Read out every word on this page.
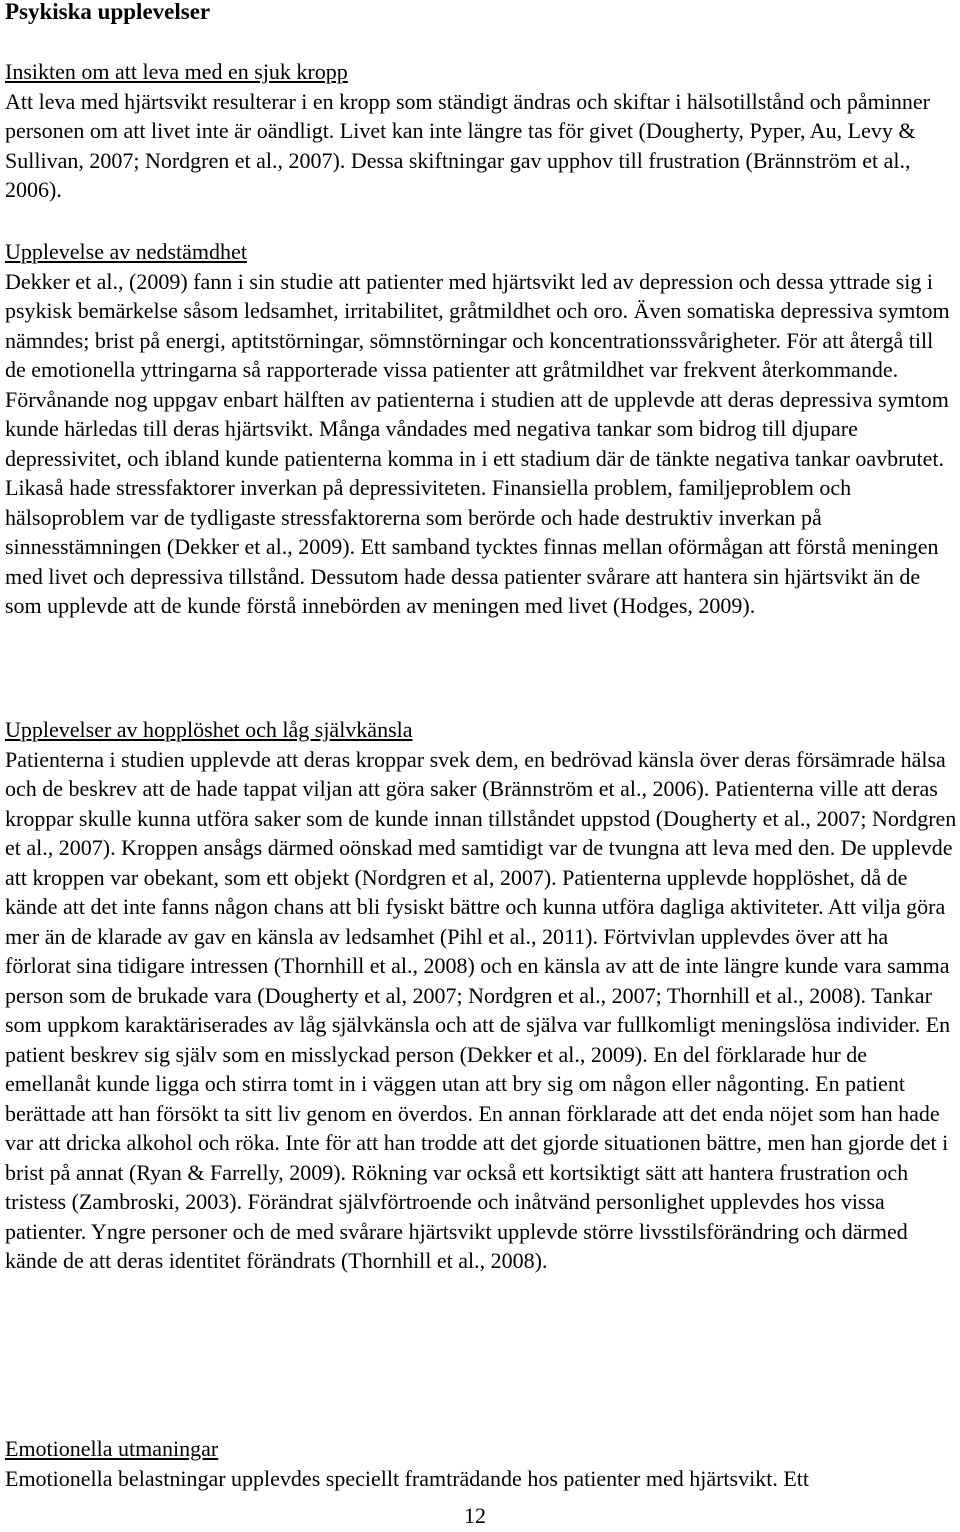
Psykiska upplevelser
Insikten om att leva med en sjuk kropp
Att leva med hjärtsvikt resulterar i en kropp som ständigt ändras och skiftar i hälsotillstånd och påminner personen om att livet inte är oändligt. Livet kan inte längre tas för givet (Dougherty, Pyper, Au, Levy & Sullivan, 2007; Nordgren et al., 2007). Dessa skiftningar gav upphov till frustration (Brännström et al., 2006).
Upplevelse av nedstämdhet
Dekker et al., (2009) fann i sin studie att patienter med hjärtsvikt led av depression och dessa yttrade sig i psykisk bemärkelse såsom ledsamhet, irritabilitet, gråtmildhet och oro. Även somatiska depressiva symtom nämndes; brist på energi, aptitstörningar, sömnstörningar och koncentrationssvårigheter. För att återgå till de emotionella yttringarna så rapporterade vissa patienter att gråtmildhet var frekvent återkommande. Förvånande nog uppgav enbart hälften av patienterna i studien att de upplevde att deras depressiva symtom kunde härledas till deras hjärtsvikt. Många våndades med negativa tankar som bidrog till djupare depressivitet, och ibland kunde patienterna komma in i ett stadium där de tänkte negativa tankar oavbrutet. Likaså hade stressfaktorer inverkan på depressiviteten. Finansiella problem, familjeproblem och hälsoproblem var de tydligaste stressfaktorerna som berörde och hade destruktiv inverkan på sinnesstämningen (Dekker et al., 2009). Ett samband tycktes finnas mellan oförmågan att förstå meningen med livet och depressiva tillstånd. Dessutom hade dessa patienter svårare att hantera sin hjärtsvikt än de som upplevde att de kunde förstå innebörden av meningen med livet (Hodges, 2009).
Upplevelser av hopplöshet och låg självkänsla
Patienterna i studien upplevde att deras kroppar svek dem, en bedrövad känsla över deras försämrade hälsa och de beskrev att de hade tappat viljan att göra saker (Brännström et al., 2006). Patienterna ville att deras kroppar skulle kunna utföra saker som de kunde innan tillståndet uppstod (Dougherty et al., 2007; Nordgren et al., 2007). Kroppen ansågs därmed oönskad med samtidigt var de tvungna att leva med den. De upplevde att kroppen var obekant, som ett objekt (Nordgren et al, 2007). Patienterna upplevde hopplöshet, då de kände att det inte fanns någon chans att bli fysiskt bättre och kunna utföra dagliga aktiviteter. Att vilja göra mer än de klarade av gav en känsla av ledsamhet (Pihl et al., 2011). Förtvivlan upplevdes över att ha förlorat sina tidigare intressen (Thornhill et al., 2008) och en känsla av att de inte längre kunde vara samma person som de brukade vara (Dougherty et al, 2007; Nordgren et al., 2007; Thornhill et al., 2008). Tankar som uppkom karaktäriserades av låg självkänsla och att de själva var fullkomligt meningslösa individer. En patient beskrev sig själv som en misslyckad person (Dekker et al., 2009). En del förklarade hur de emellanåt kunde ligga och stirra tomt in i väggen utan att bry sig om någon eller någonting. En patient berättade att han försökt ta sitt liv genom en överdos. En annan förklarade att det enda nöjet som han hade var att dricka alkohol och röka. Inte för att han trodde att det gjorde situationen bättre, men han gjorde det i brist på annat (Ryan & Farrelly, 2009). Rökning var också ett kortsiktigt sätt att hantera frustration och tristess (Zambroski, 2003). Förändrat självförtroende och inåtvänd personlighet upplevdes hos vissa patienter. Yngre personer och de med svårare hjärtsvikt upplevde större livsstilsförändring och därmed kände de att deras identitet förändrats (Thornhill et al., 2008).
Emotionella utmaningar
Emotionella belastningar upplevdes speciellt framträdande hos patienter med hjärtsvikt. Ett
12
